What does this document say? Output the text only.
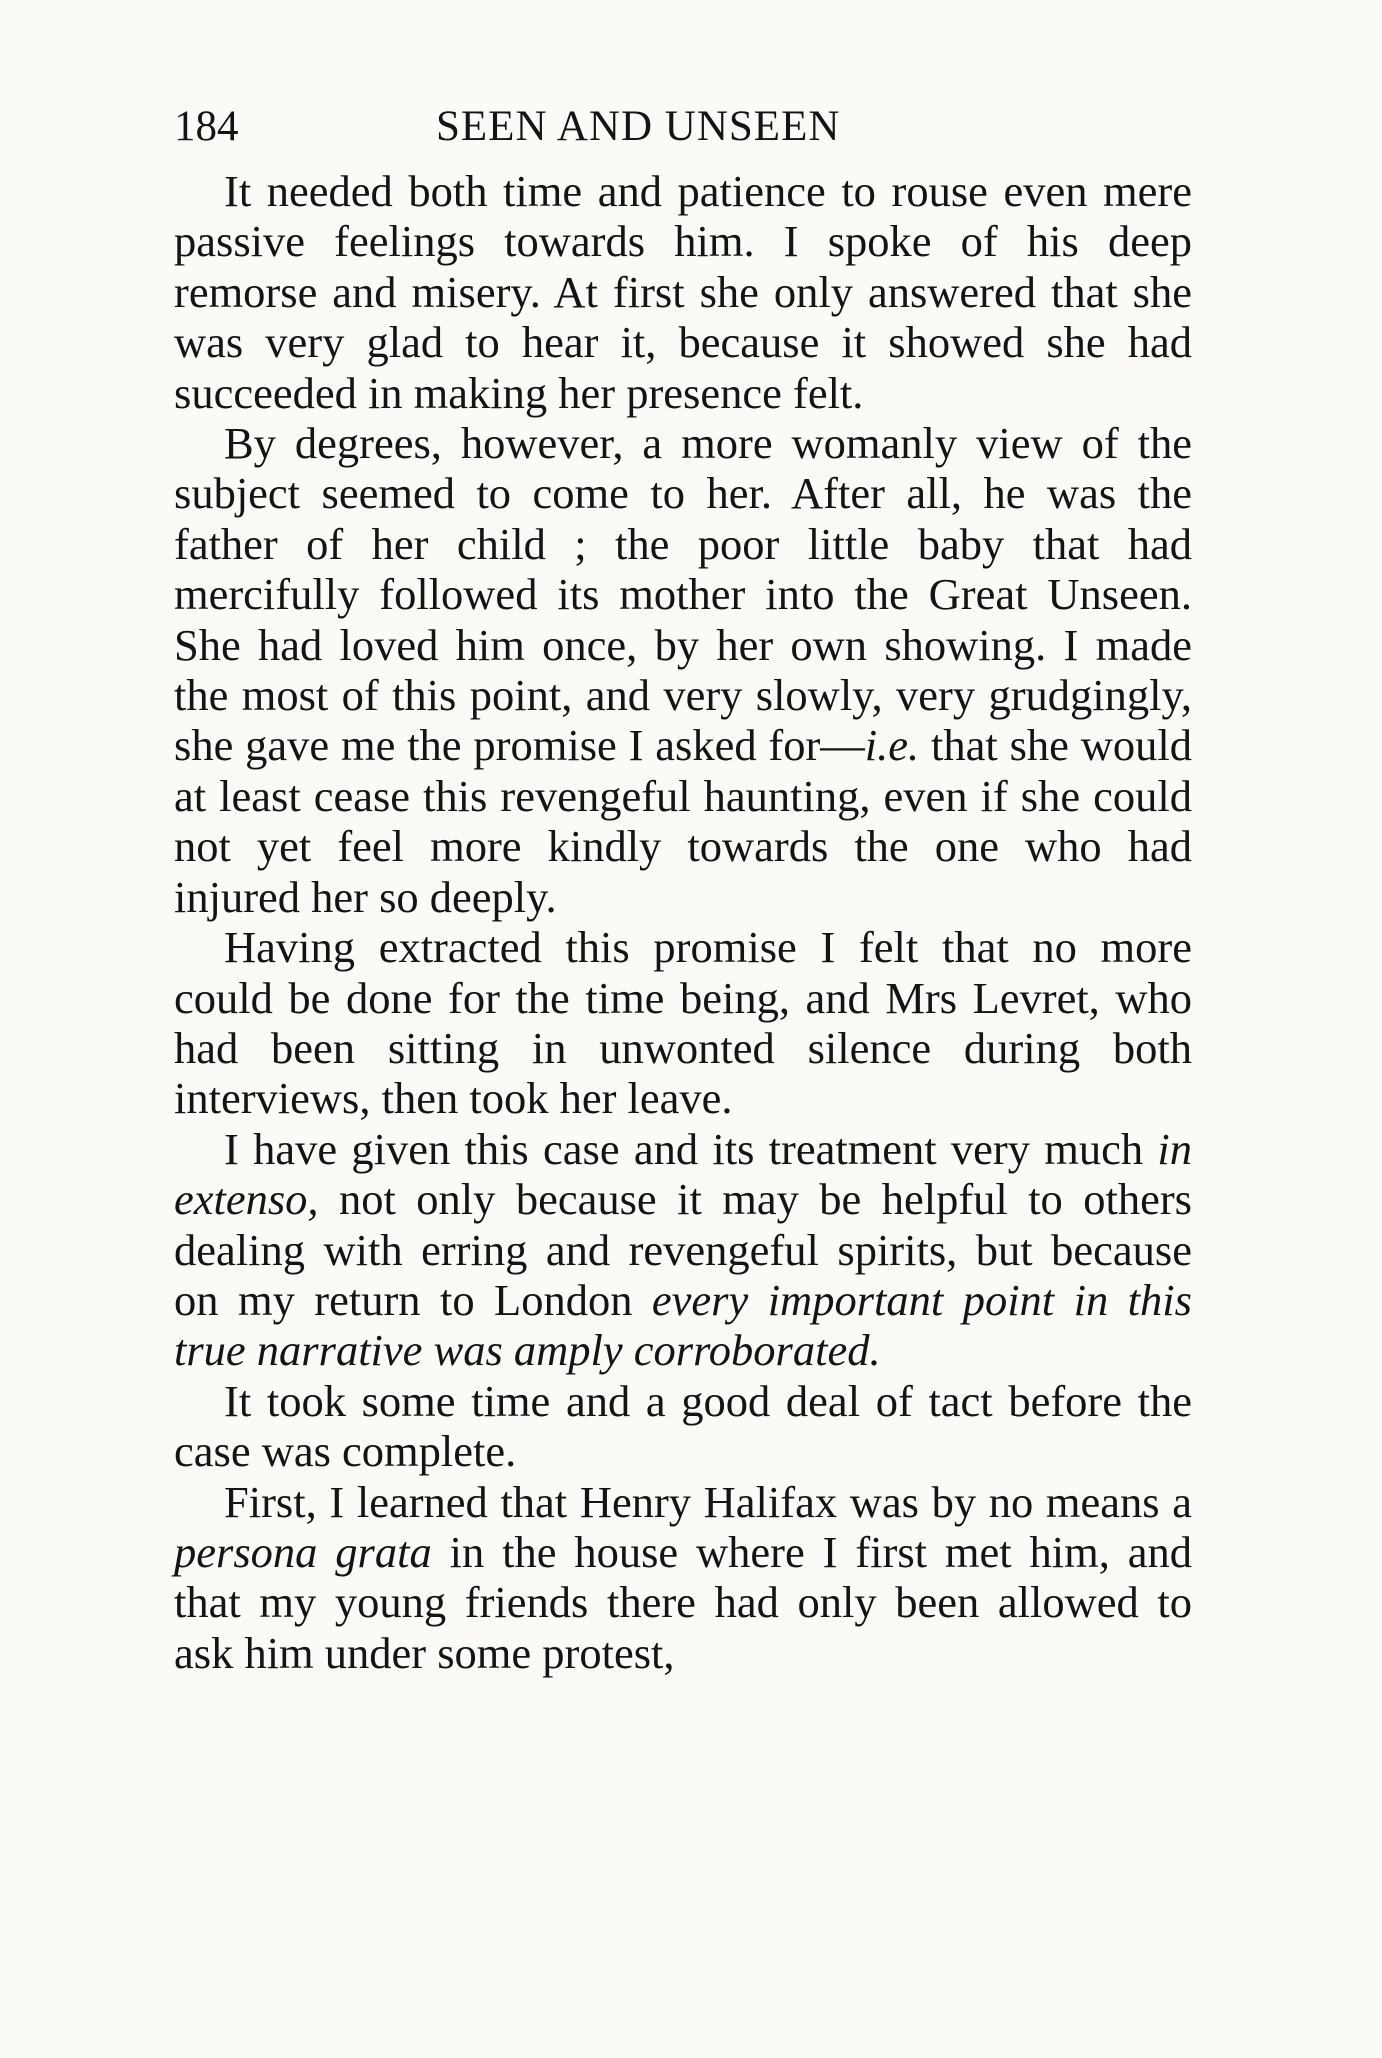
184	SEEN AND UNSEEN

It needed both time and patience to rouse even mere passive feelings towards him. I spoke of his deep remorse and misery. At first she only answered that she was very glad to hear it, because it showed she had succeeded in making her presence felt.

By degrees, however, a more womanly view of the subject seemed to come to her. After all, he was the father of her child ; the poor little baby that had mercifully followed its mother into the Great Unseen. She had loved him once, by her own showing. I made the most of this point, and very slowly, very grudgingly, she gave me the promise I asked for—i.e. that she would at least cease this revengeful haunting, even if she could not yet feel more kindly towards the one who had injured her so deeply.

Having extracted this promise I felt that no more could be done for the time being, and Mrs Levret, who had been sitting in unwonted silence during both interviews, then took her leave.

I have given this case and its treatment very much in extenso, not only because it may be helpful to others dealing with erring and revengeful spirits, but because on my return to London every important point in this true narrative was amply corroborated.

It took some time and a good deal of tact before the case was complete.

First, I learned that Henry Halifax was by no means a persona grata in the house where I first met him, and that my young friends there had only been allowed to ask him under some protest,
